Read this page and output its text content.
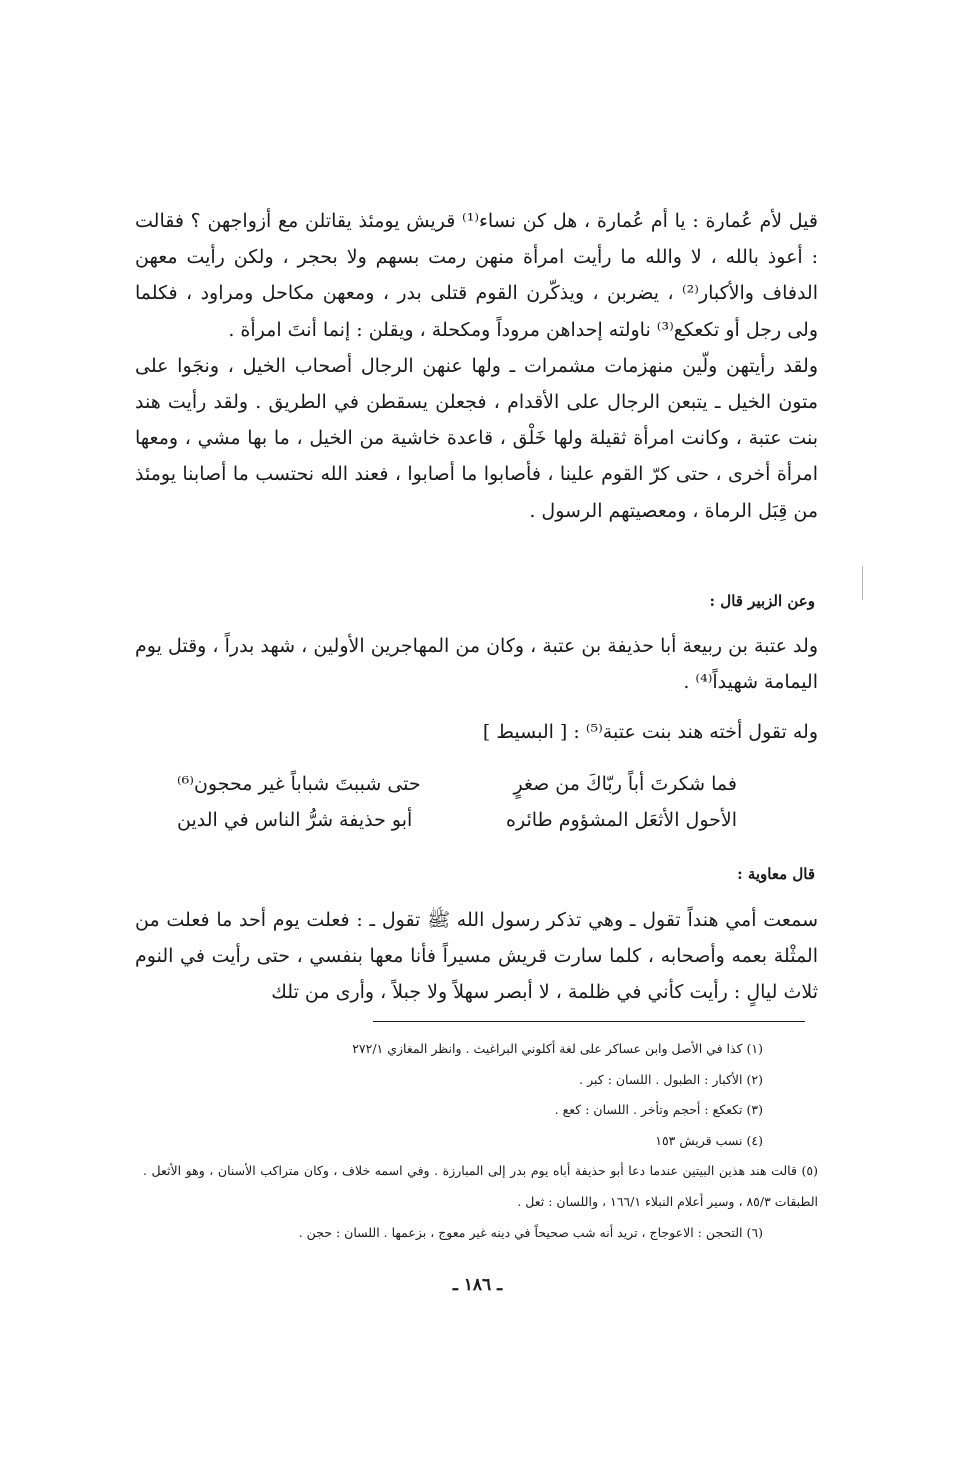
قيل لأم عُمارة : يا أم عُمارة ، هل كن نساء⁽¹⁾ قريش يومئذ يقاتلن مع أزواجهن ؟ فقالت : أعوذ بالله ، لا والله ما رأيت امرأة منهن رمت بسهم ولا بحجر ، ولكن رأيت معهن الدفاف والأكبار⁽²⁾ ، يضربن ، ويذكّرن القوم قتلى بدر ، ومعهن مكاحل ومراود ، فكلما ولى رجل أو تكعكع⁽³⁾ ناولته إحداهن مروداً ومكحلة ، ويقلن : إنما أنتَ امرأة .

ولقد رأيتهن ولّين منهزمات مشمرات ـ ولها عنهن الرجال أصحاب الخيل ، ونجَوا على متون الخيل ـ يتبعن الرجال على الأقدام ، فجعلن يسقطن في الطريق . ولقد رأيت هند بنت عتبة ، وكانت امرأة ثقيلة ولها خَلْق ، قاعدة خاشية من الخيل ، ما بها مشي ، ومعها امرأة أخرى ، حتى كرّ القوم علينا ، فأصابوا ما أصابوا ، فعند الله نحتسب ما أصابنا يومئذ من قِبَل الرماة ، ومعصيتهم الرسول .

وعن الزبير قال :
ولد عتبة بن ربيعة أبا حذيفة بن عتبة ، وكان من المهاجرين الأولين ، شهد بدراً ، وقتل يوم اليمامة شهيداً⁽⁴⁾ .
وله تقول أخته هند بنت عتبة⁽⁵⁾ : [ البسيط ]
فما شكرتَ أباً ربّاكَ من صغرٍ
حتى شببتَ شباباً غير محجون⁽⁶⁾
الأحول الأثعَل المشؤوم طائره
أبو حذيفة شرُّ الناس في الدين
قال معاوية :
سمعت أمي هنداً تقول ـ وهي تذكر رسول الله ﷺ تقول ـ : فعلت يوم أحد ما فعلت من المثْلة بعمه وأصحابه ، كلما سارت قريش مسيراً فأنا معها بنفسي ، حتى رأيت في النوم ثلاث ليالٍ : رأيت كأني في ظلمة ، لا أبصر سهلاً ولا جبلاً ، وأرى من تلك

(١) كذا في الأصل وابن عساكر على لغة أكلوني البراغيث . وانظر المغازي ٢٧٢/١

(٢) الأكبار : الطبول . اللسان : كبر .

(٣) تكعكع : أحجم وتأخر . اللسان : كعع .

(٤) نسب قريش ١٥٣

(٥) قالت هند هذين البيتين عندما دعا أبو حذيفة أباه يوم بدر إلى المبارزة . وفي اسمه خلاف ، وكان متراكب الأسنان ، وهو الأثعل . الطبقات ٨٥/٣ ، وسير أعلام النبلاء ١٦٦/١ ، واللسان : ثعل .

(٦) التحجن : الاعوجاج ، تريد أنه شب صحيحاً في دينه غير معوج ، بزعمها . اللسان : حجن .

ـ ١٨٦ ـ
